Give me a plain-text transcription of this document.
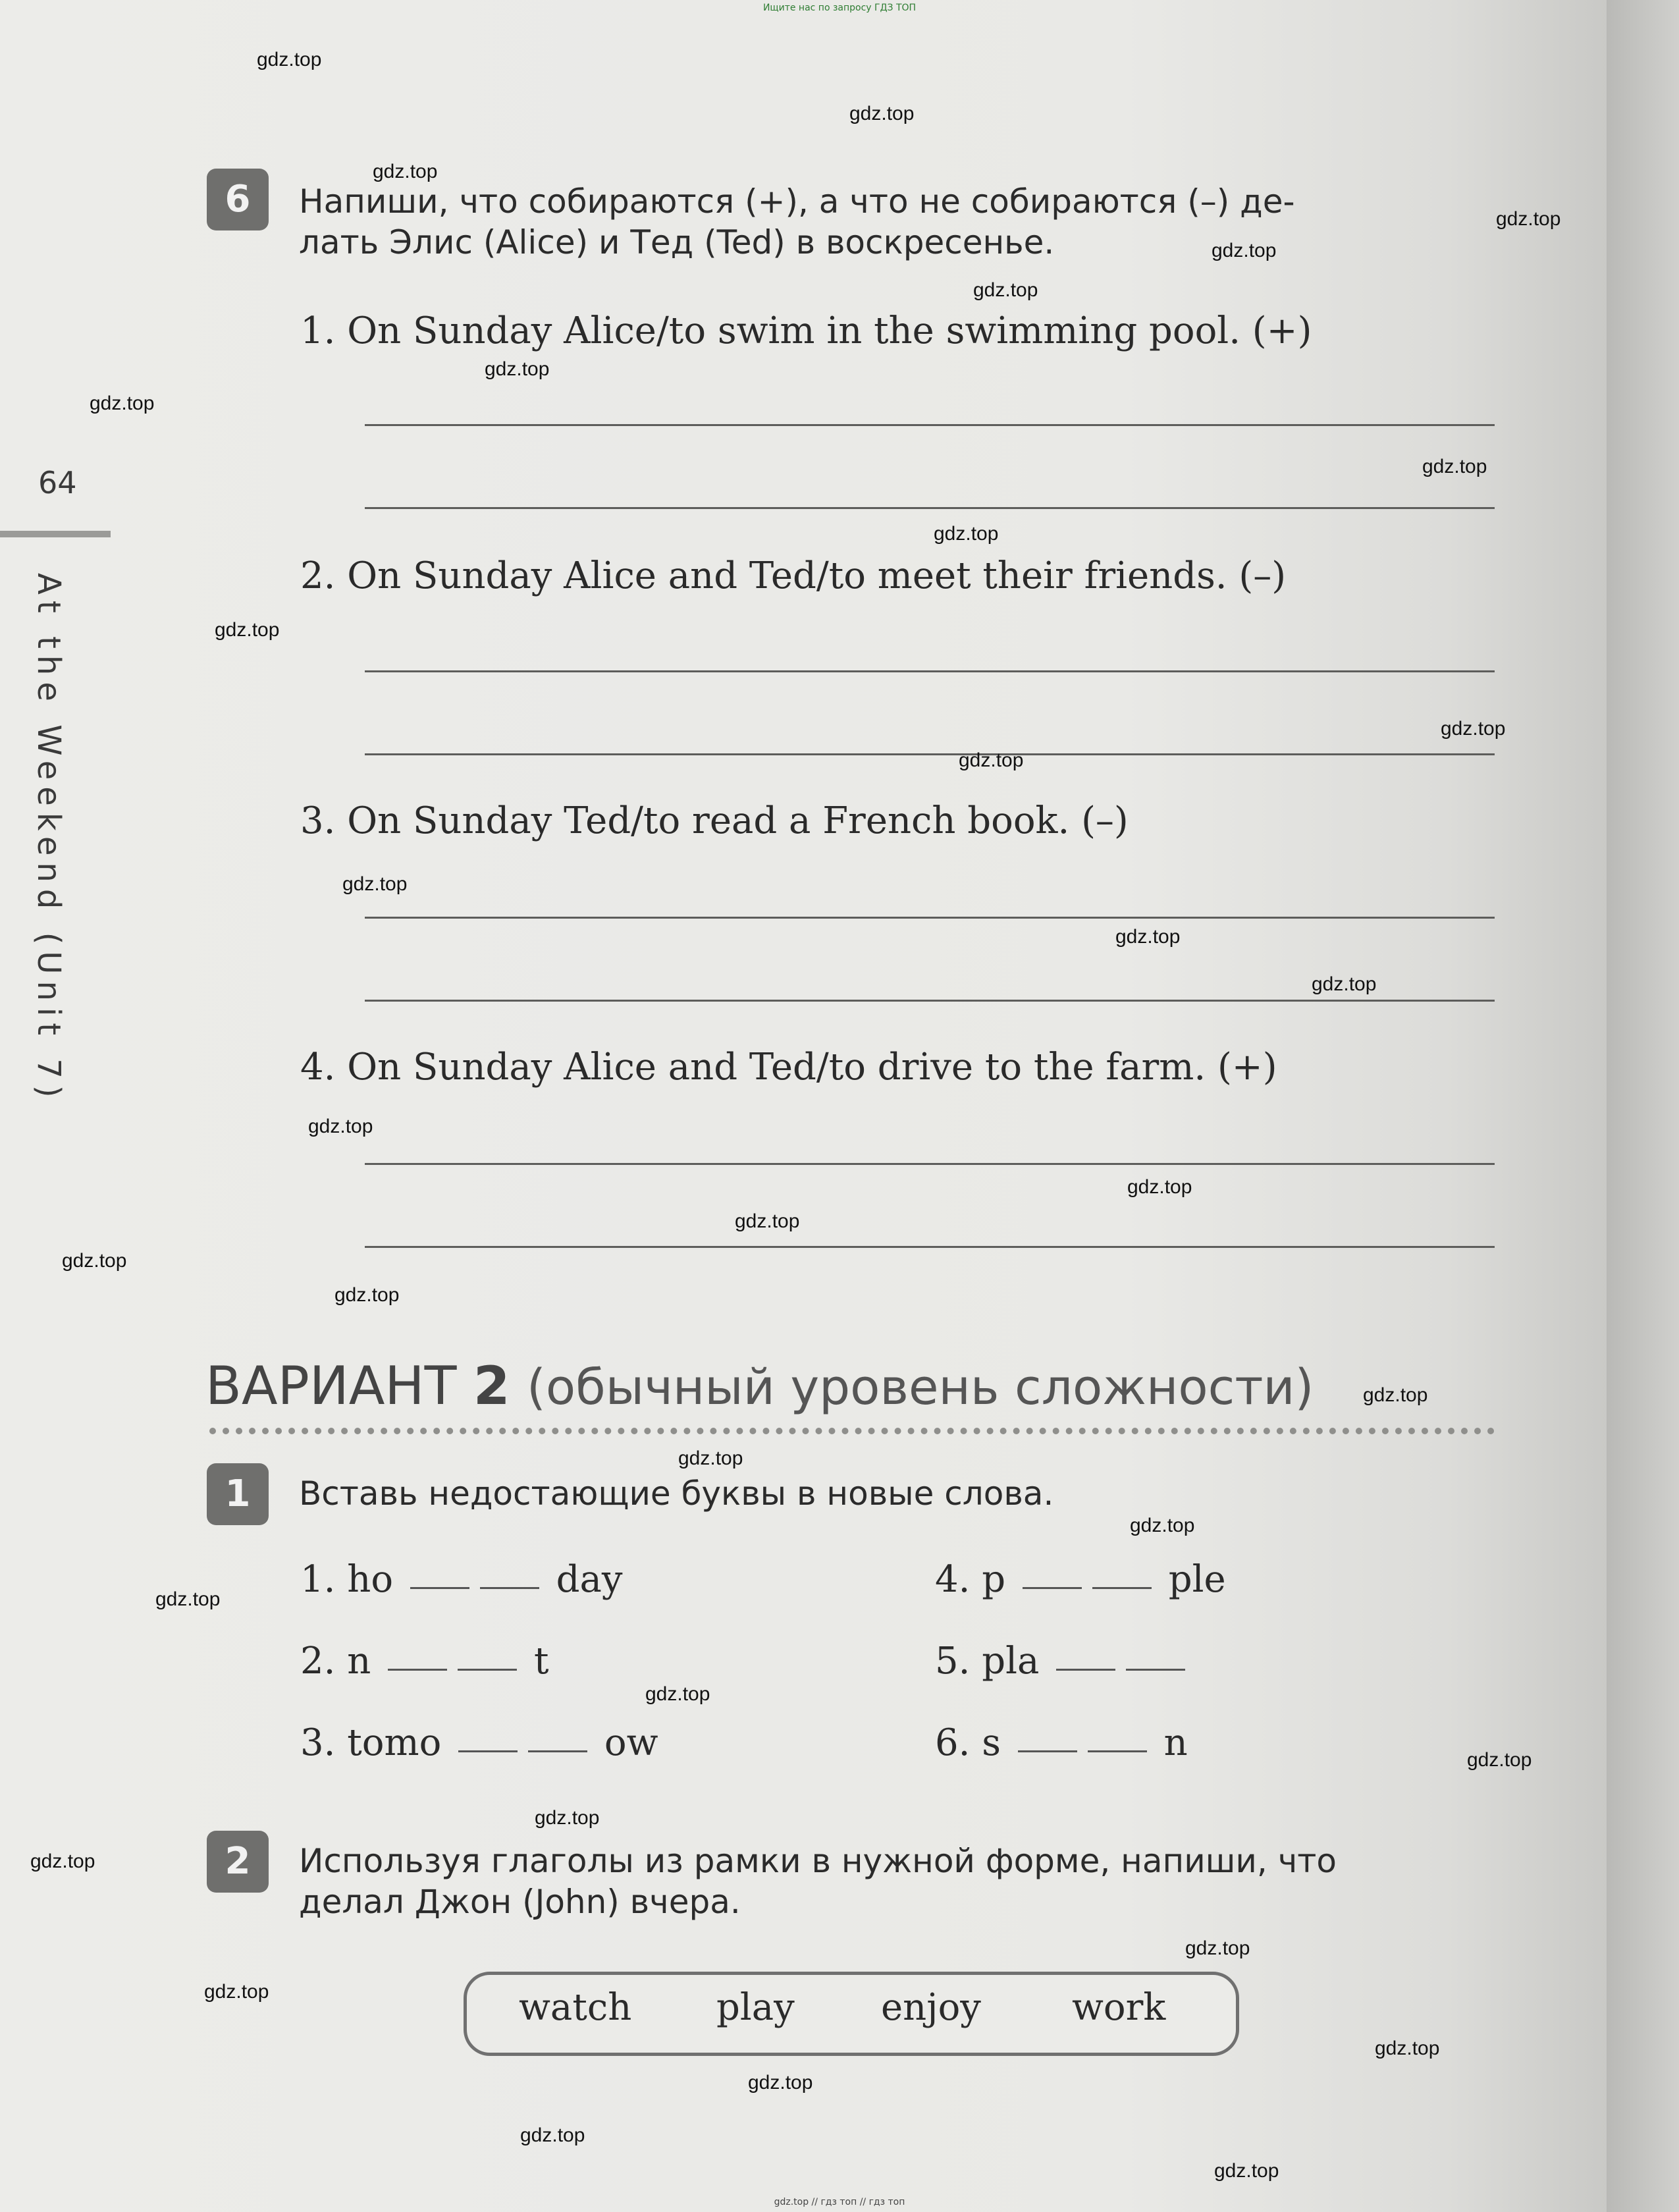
Ищите нас по запросу ГДЗ ТОП
64
At the Weekend (Unit 7)
6	Напиши, что собираются (+), а что не собираются (–) де-
лать Элис (Alice) и Тед (Ted) в воскресенье.
1. On Sunday Alice/to swim in the swimming pool. (+)
2. On Sunday Alice and Ted/to meet their friends. (–)
3. On Sunday Ted/to read a French book. (–)
4. On Sunday Alice and Ted/to drive to the farm. (+)
ВАРИАНТ 2 (обычный уровень сложности)
1	Вставь недостающие буквы в новые слова.
1. ho	day
2. n	t
3. tomo	ow
4. p	ple
5. pla
6. s	n
2	Используя глаголы из рамки в нужной форме, напиши, что
делал Джон (John) вчера.
watch play enjoy work
gdz.top
gdz.top
gdz.top
gdz.top
gdz.top
gdz.top
gdz.top
gdz.top
gdz.top
gdz.top
gdz.top
gdz.top
gdz.top
gdz.top
gdz.top
gdz.top
gdz.top
gdz.top
gdz.top
gdz.top
gdz.top
gdz.top
gdz.top
gdz.top
gdz.top
gdz.top
gdz.top
gdz.top
gdz.top
gdz.top
gdz.top
gdz.top
gdz.top
gdz.top
gdz.top
gdz.top // гдз топ // гдз топ
